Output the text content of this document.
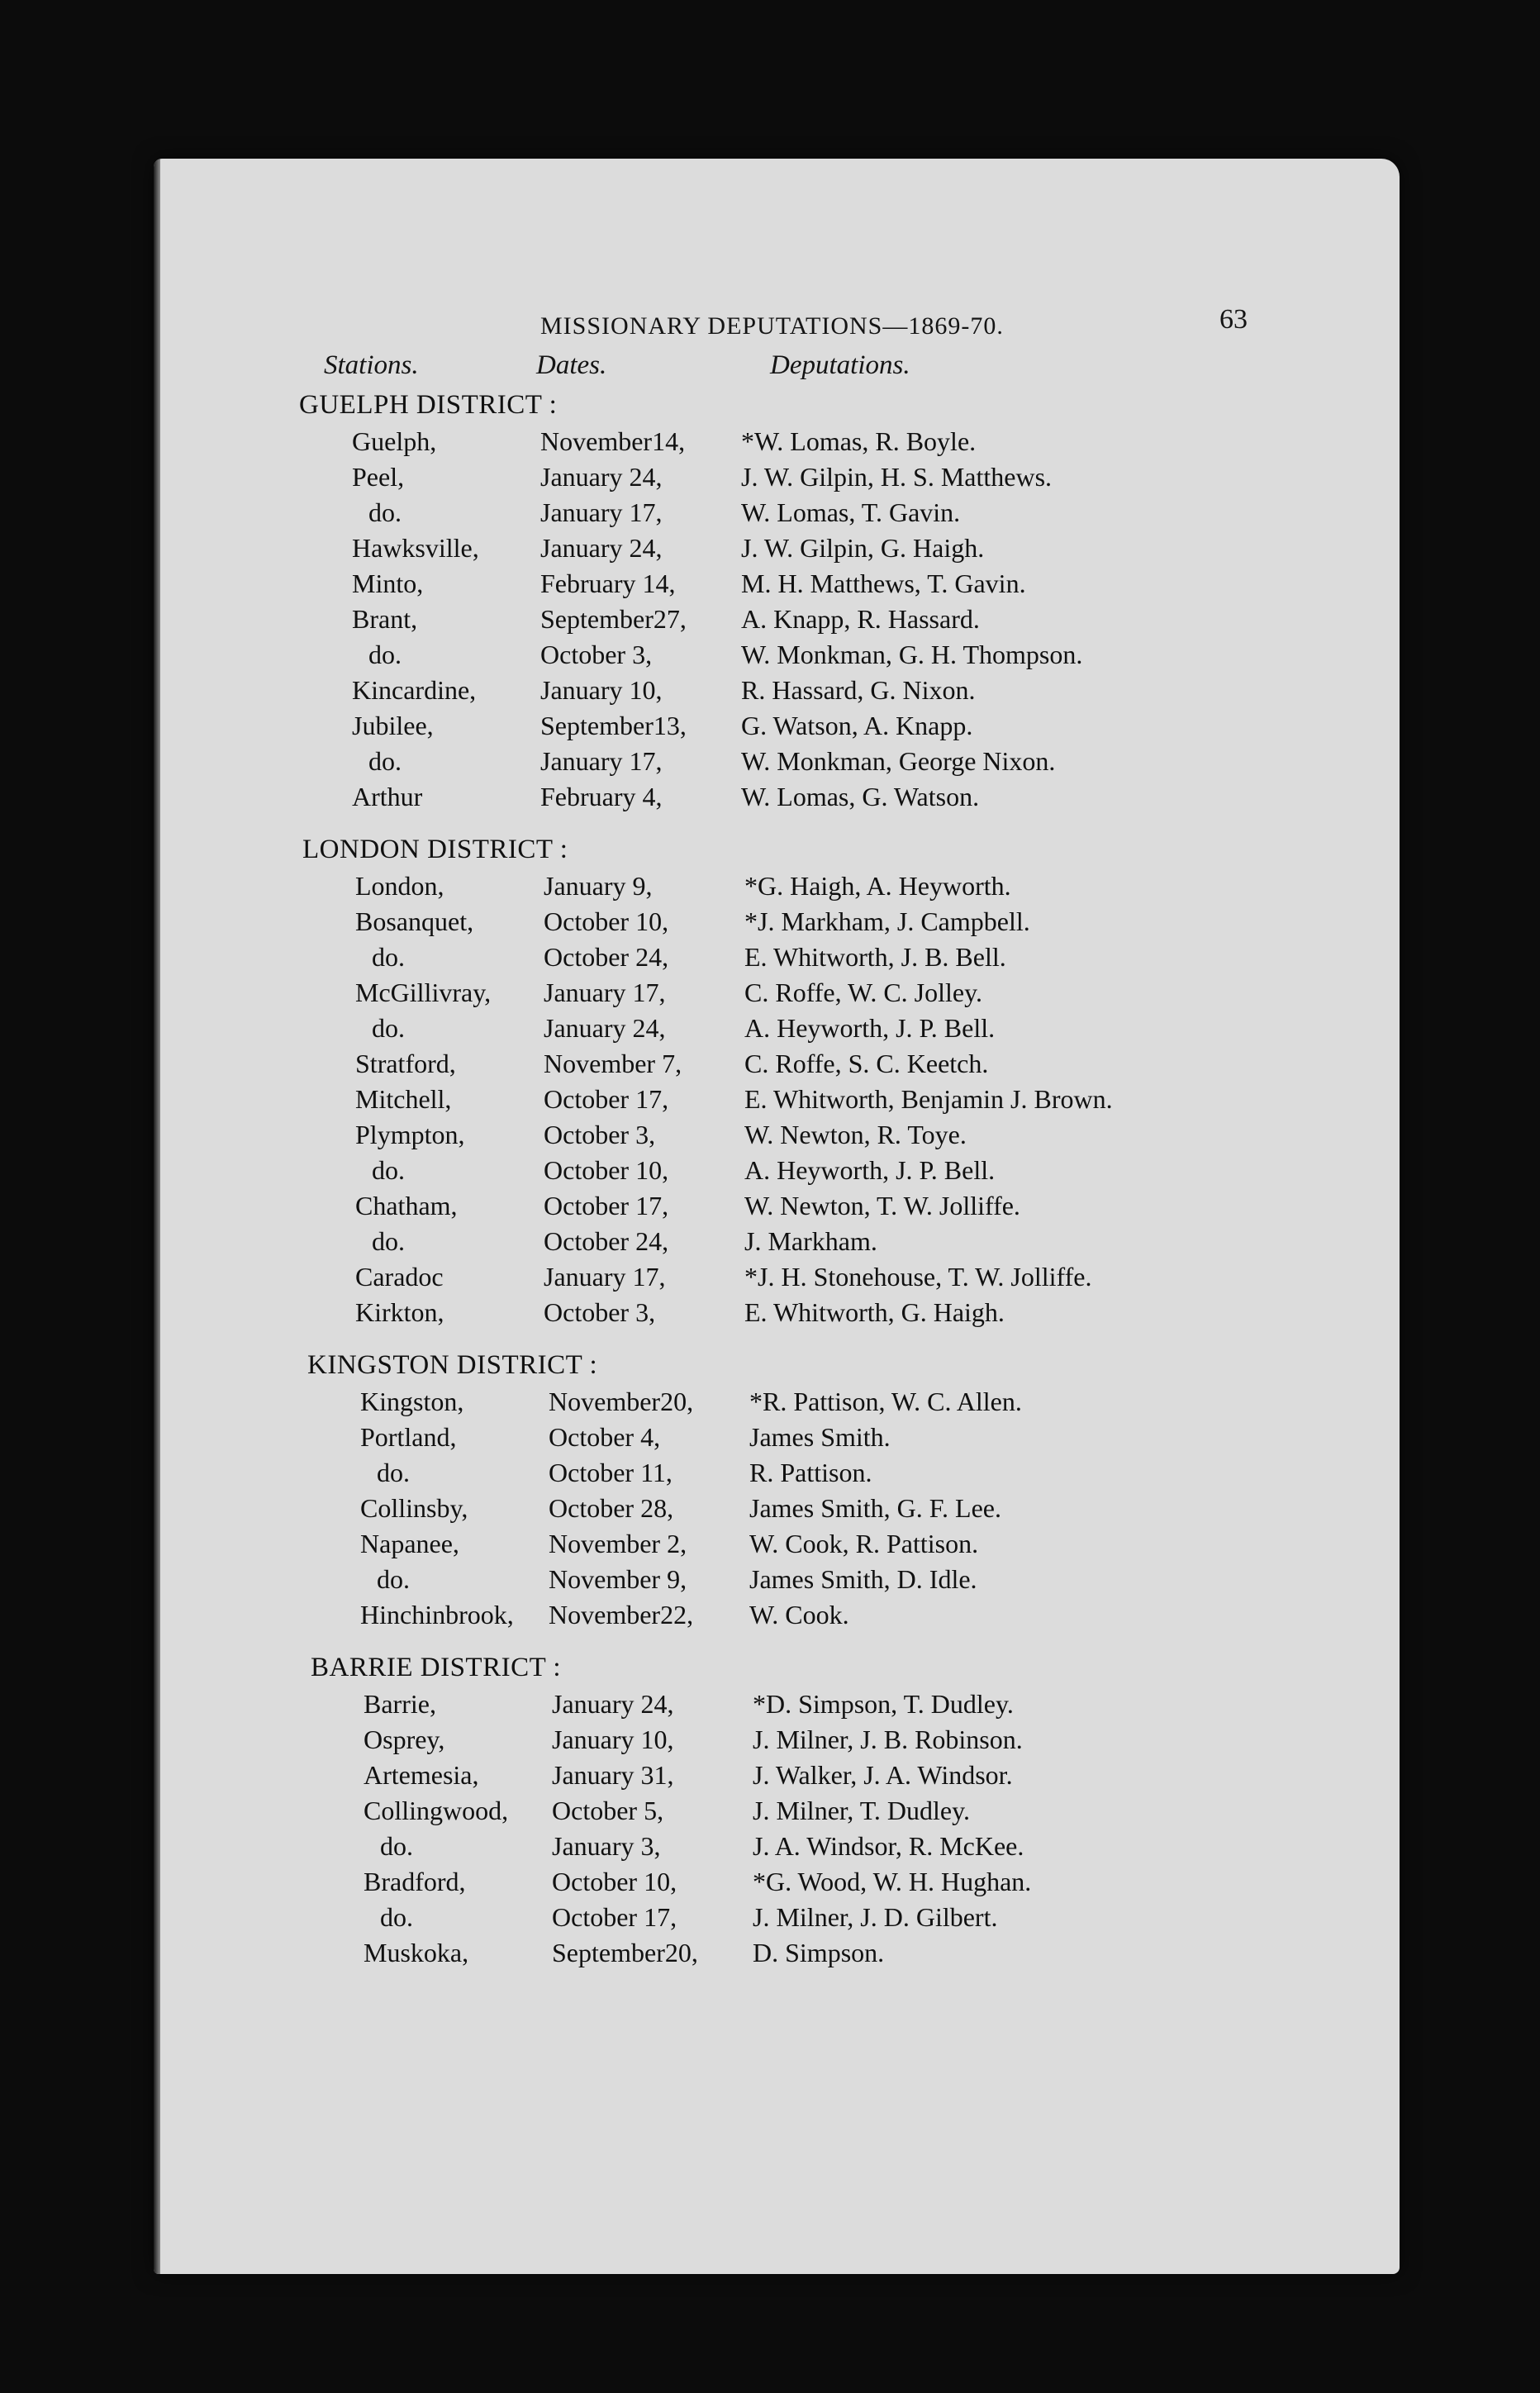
MISSIONARY DEPUTATIONS—1869-70.	63
Stations.	Dates.	Deputations.
GUELPH DISTRICT :
Guelph,	November14, *W. Lomas, R. Boyle.
Peel,	January 24,	J. W. Gilpin, H. S. Matthews.
do.	January 17,	W. Lomas, T. Gavin.
Hawksville, January 24,	J. W. Gilpin, G. Haigh.
Minto,	February 14, M. H. Matthews, T. Gavin.
Brant,	September27, A. Knapp, R. Hassard.
do.	October 3,	W. Monkman, G. H. Thompson.
Kincardine, January 10,	R. Hassard, G. Nixon.
Jubilee,	September13, G. Watson, A. Knapp.
do.	January 17,	W. Monkman, George Nixon.
Arthur	February 4,	W. Lomas, G. Watson.
LONDON DISTRICT :
London,	January 9,	*G. Haigh, A. Heyworth.
Bosanquet,	October 10,	*J. Markham, J. Campbell.
do.	October 24,	E. Whitworth, J. B. Bell.
McGillivray, January 17,	C. Roffe, W. C. Jolley.
do.	January 24,	A. Heyworth, J. P. Bell.
Stratford,	November 7, C. Roffe, S. C. Keetch.
Mitchell,	October 17,	E. Whitworth, Benjamin J. Brown.
Plympton,	October 3,	W. Newton, R. Toye.
do.	October 10,	A. Heyworth, J. P. Bell.
Chatham,	October 17,	W. Newton, T. W. Jolliffe.
do.	October 24,	J. Markham.
Caradoc	January 17,	*J. H. Stonehouse, T. W. Jolliffe.
Kirkton,	October 3,	E. Whitworth, G. Haigh.
KINGSTON DISTRICT :
Kingston,	November20, *R. Pattison, W. C. Allen.
Portland,	October 4,	James Smith.
do.	October 11,	R. Pattison.
Collinsby,	October 28,	James Smith, G. F. Lee.
Napanee,	November 2, W. Cook, R. Pattison.
do.	November 9, James Smith, D. Idle.
Hinchinbrook, November22, W. Cook.
BARRIE DISTRICT :
Barrie,	January 24,	*D. Simpson, T. Dudley.
Osprey,	January 10,	J. Milner, J. B. Robinson.
Artemesia,	January 31,	J. Walker, J. A. Windsor.
Collingwood, October 5,	J. Milner, T. Dudley.
do.	January 3,	J. A. Windsor, R. McKee.
Bradford,	October 10,	*G. Wood, W. H. Hughan.
do.	October 17,	J. Milner, J. D. Gilbert.
Muskoka,	September20, D. Simpson.
